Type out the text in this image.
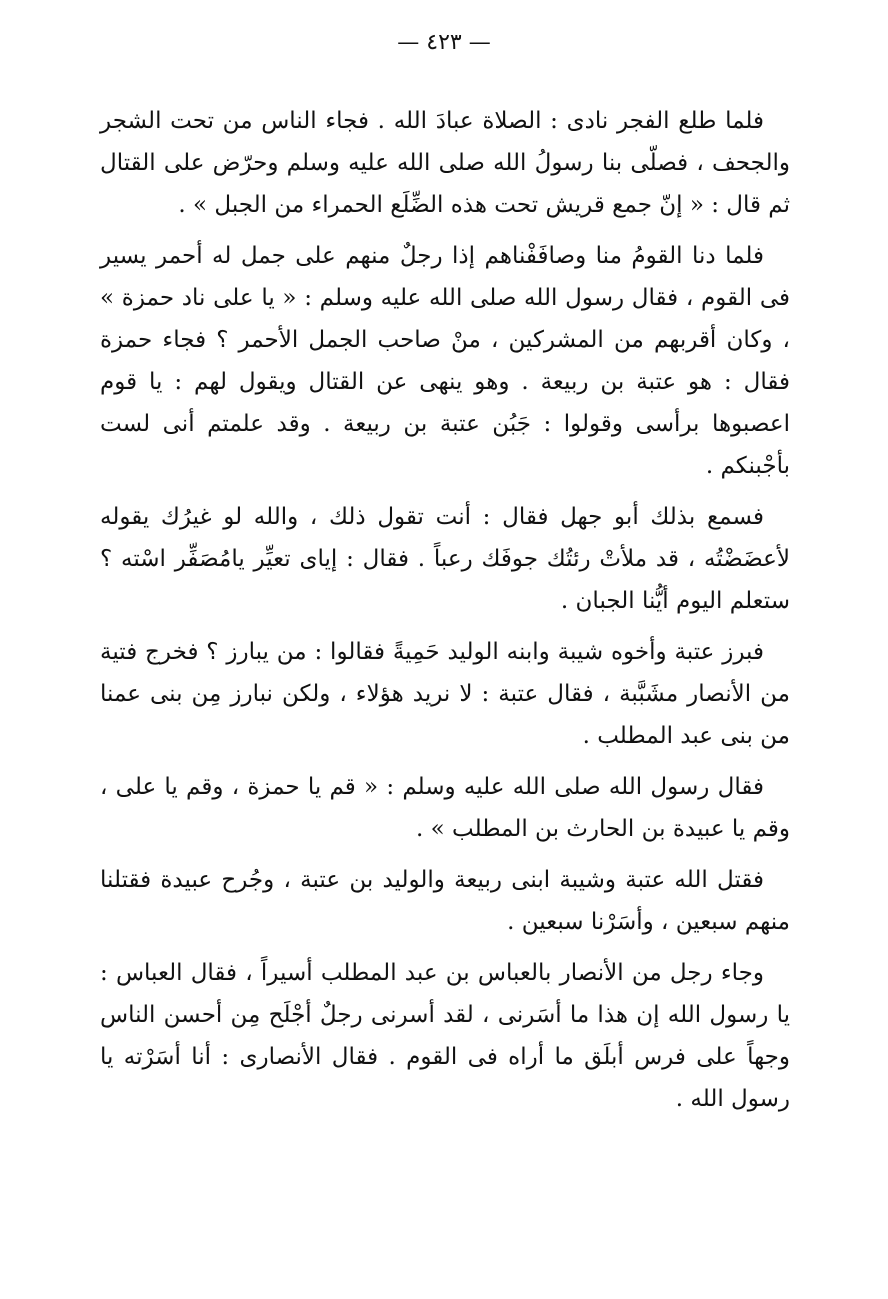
— ٤٢٣ —

فلما طلع الفجر نادى : الصلاة عبادَ الله . فجاء الناس من تحت الشجر والجحف ، فصلّى بنا رسولُ الله صلى الله عليه وسلم وحرّض على القتال ثم قال : « إنّ جمع قريش تحت هذه الضِّلَع الحمراء من الجبل » .

فلما دنا القومُ منا وصافَفْناهم إذا رجلٌ منهم على جمل له أحمر يسير فى القوم ، فقال رسول الله صلى الله عليه وسلم : « يا على ناد حمزة » ، وكان أقربهم من المشركين ، منْ صاحب الجمل الأحمر ؟ فجاء حمزة فقال : هو عتبة بن ربيعة . وهو ينهى عن القتال ويقول لهم : يا قوم اعصبوها برأسى وقولوا : جَبُن عتبة بن ربيعة . وقد علمتم أنى لست بأجْبنكم .

فسمع بذلك أبو جهل فقال : أنت تقول ذلك ، والله لو غيرُك يقوله لأعضَضْتُه ، قد ملأتْ رئتُك جوفَك رعباً . فقال : إياى تعيِّر يامُصَفِّر اسْته ؟ ستعلم اليوم أيُّنا الجبان .

فبرز عتبة وأخوه شيبة وابنه الوليد حَمِيةً فقالوا : من يبارز ؟ فخرج فتية من الأنصار مشَبَّبة ، فقال عتبة : لا نريد هؤلاء ، ولكن نبارز مِن بنى عمنا من بنى عبد المطلب .

فقال رسول الله صلى الله عليه وسلم : « قم يا حمزة ، وقم يا على ، وقم يا عبيدة بن الحارث بن المطلب » .

فقتل الله عتبة وشيبة ابنى ربيعة والوليد بن عتبة ، وجُرح عبيدة فقتلنا منهم سبعين ، وأسَرْنا سبعين .

وجاء رجل من الأنصار بالعباس بن عبد المطلب أسيراً ، فقال العباس : يا رسول الله إن هذا ما أسَرنى ، لقد أسرنى رجلٌ أجْلَح مِن أحسن الناس وجهاً على فرس أبلَق ما أراه فى القوم . فقال الأنصارى : أنا أسَرْته يا رسول الله .
